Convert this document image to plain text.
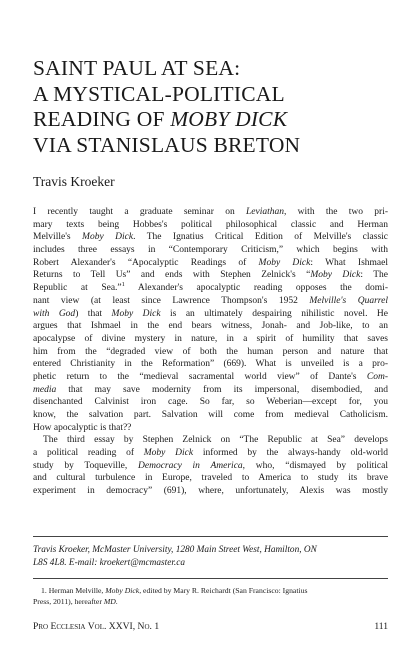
SAINT PAUL AT SEA:
A MYSTICAL-POLITICAL
READING OF MOBY DICK
VIA STANISLAUS BRETON
Travis Kroeker
I recently taught a graduate seminar on Leviathan, with the two pri-
mary texts being Hobbes's political philosophical classic and Herman
Melville's Moby Dick. The Ignatius Critical Edition of Melville's classic
includes three essays in “Contemporary Criticism,” which begins with
Robert Alexander's “Apocalyptic Readings of Moby Dick: What Ishmael
Returns to Tell Us” and ends with Stephen Zelnick's “Moby Dick: The
Republic at Sea.”$^1$ Alexander's apocalyptic reading opposes the domi-
nant view (at least since Lawrence Thompson's 1952 Melville's Quarrel
with God) that Moby Dick is an ultimately despairing nihilistic novel. He
argues that Ishmael in the end bears witness, Jonah- and Job-like, to an
apocalypse of divine mystery in nature, in a spirit of humility that saves
him from the “degraded view of both the human person and nature that
entered Christianity in the Reformation” (669). What is unveiled is a pro-
phetic return to the “medieval sacramental world view” of Dante's Com-
media that may save modernity from its impersonal, disembodied, and
disenchanted Calvinist iron cage. So far, so Weberian—except for, you
know, the salvation part. Salvation will come from medieval Catholicism.
How apocalyptic is that??
The third essay by Stephen Zelnick on “The Republic at Sea” develops
a political reading of Moby Dick informed by the always-handy old-world
study by Toqueville, Democracy in America, who, “dismayed by political
and cultural turbulence in Europe, traveled to America to study its brave
experiment in democracy” (691), where, unfortunately, Alexis was mostly
Travis Kroeker, McMaster University, 1280 Main Street West, Hamilton, ON
L8S 4L8. E-mail: kroekert@mcmaster.ca
1. Herman Melville, Moby Dick, edited by Mary R. Reichardt (San Francisco: Ignatius
Press, 2011), hereafter MD.
Pro Ecclesia Vol. XXVI, No. 1	111
